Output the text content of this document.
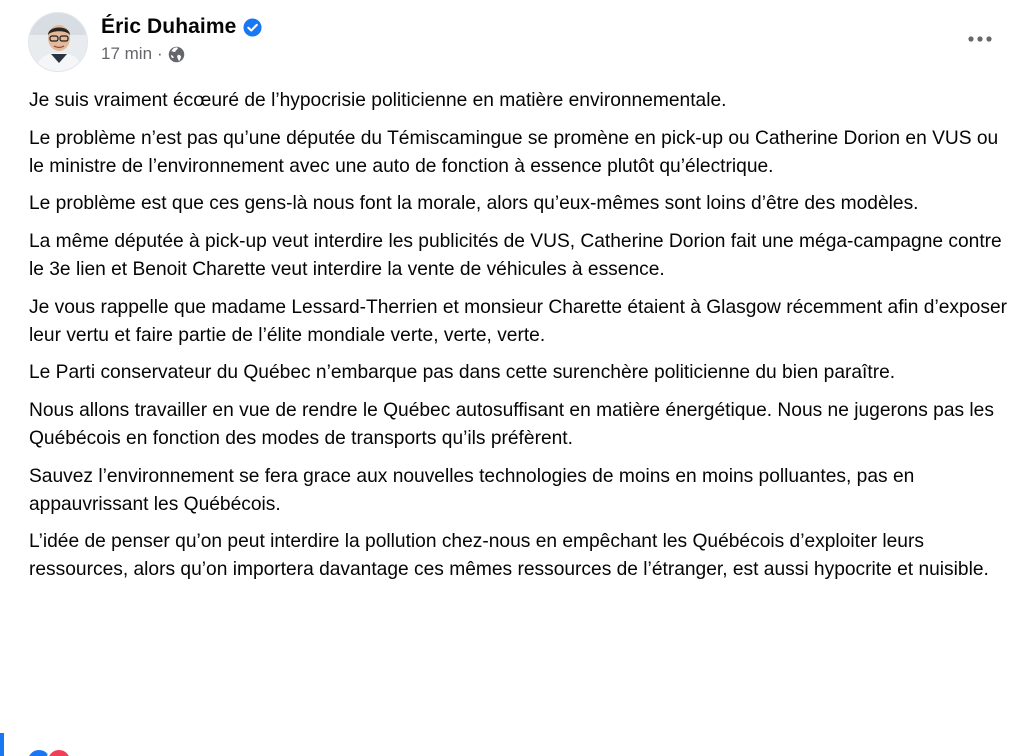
Éric Duhaime
17 min ·

Je suis vraiment écœuré de l’hypocrisie politicienne en matière environnementale.

Le problème n’est pas qu’une députée du Témiscamingue se promène en pick-up ou Catherine Dorion en VUS ou le ministre de l’environnement avec une auto de fonction à essence plutôt qu’électrique.

Le problème est que ces gens-là nous font la morale, alors qu’eux-mêmes sont loins d’être des modèles.

La même députée à pick-up veut interdire les publicités de VUS, Catherine Dorion fait une méga-campagne contre le 3e lien et Benoit Charette veut interdire la vente de véhicules à essence.

Je vous rappelle que madame Lessard-Therrien et monsieur Charette étaient à Glasgow récemment afin d’exposer leur vertu et faire partie de l’élite mondiale verte, verte, verte.

Le Parti conservateur du Québec n’embarque pas dans cette surenchère politicienne du bien paraître.

Nous allons travailler en vue de rendre le Québec autosuffisant en matière énergétique. Nous ne jugerons pas les Québécois en fonction des modes de transports qu’ils préfèrent.

Sauvez l’environnement se fera grace aux nouvelles technologies de moins en moins polluantes, pas en appauvrissant les Québécois.

L’idée de penser qu’on peut interdire la pollution chez-nous en empêchant les Québécois d’exploiter leurs ressources, alors qu’on importera davantage ces mêmes ressources de l’étranger, est aussi hypocrite et nuisible.
